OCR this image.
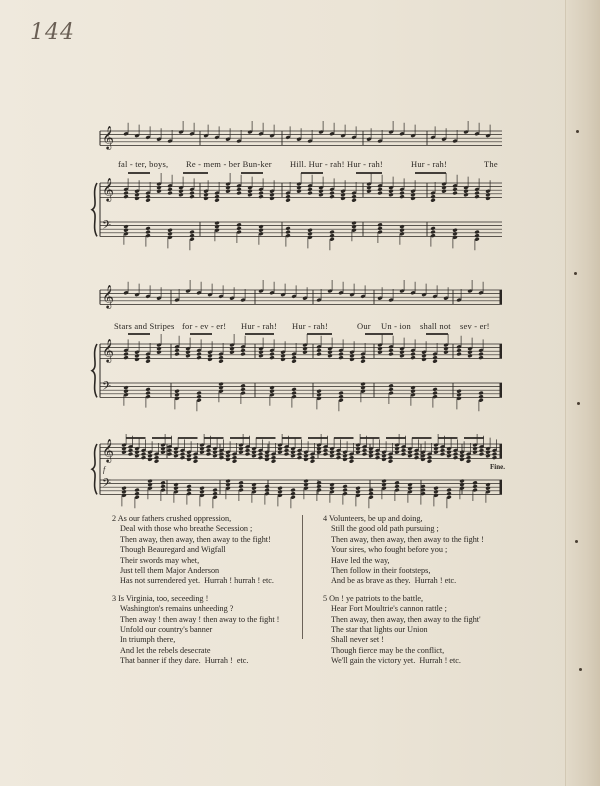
144
𝄞
𝄞
𝄢
𝄞
𝄞
𝄢
𝄞
𝄢
fal - ter, boys, Re - mem - ber Bun-ker Hill. Hur - rah! Hur - rah!	Hur - rah!	The
Stars and Stripes for - ev - er! Hur - rah! Hur - rah!	Our Un - ion shall not sev - er!
f	Fine.
2 As our fathers crushed oppression,
Deal with those who breathe Secession ;
Then away, then away, then away to the fight!
Though Beauregard and Wigfall
Their swords may whet,
Just tell them Major Anderson
Has not surrendered yet.  Hurrah ! hurrah ! etc.
3 Is Virginia, too, seceeding !
Washington's remains unheeding ?
Then away ! then away ! then away to the fight !
Unfold our country's banner
In triumph there,
And let the rebels desecrate
That banner if they dare.  Hurrah !  etc.
4 Volunteers, be up and doing,
Still the good old path pursuing ;
Then away, then away, then away to the fight !
Your sires, who fought before you ;
Have led the way,
Then follow in their footsteps,
And be as brave as they.  Hurrah ! etc.
5 On ! ye patriots to the battle,
Hear Fort Moultrie's cannon rattle ;
Then away, then away, then away to the fight'
The star that lights our Union
Shall never set !
Though fierce may be the conflict,
We'll gain the victory yet.  Hurrah ! etc.
